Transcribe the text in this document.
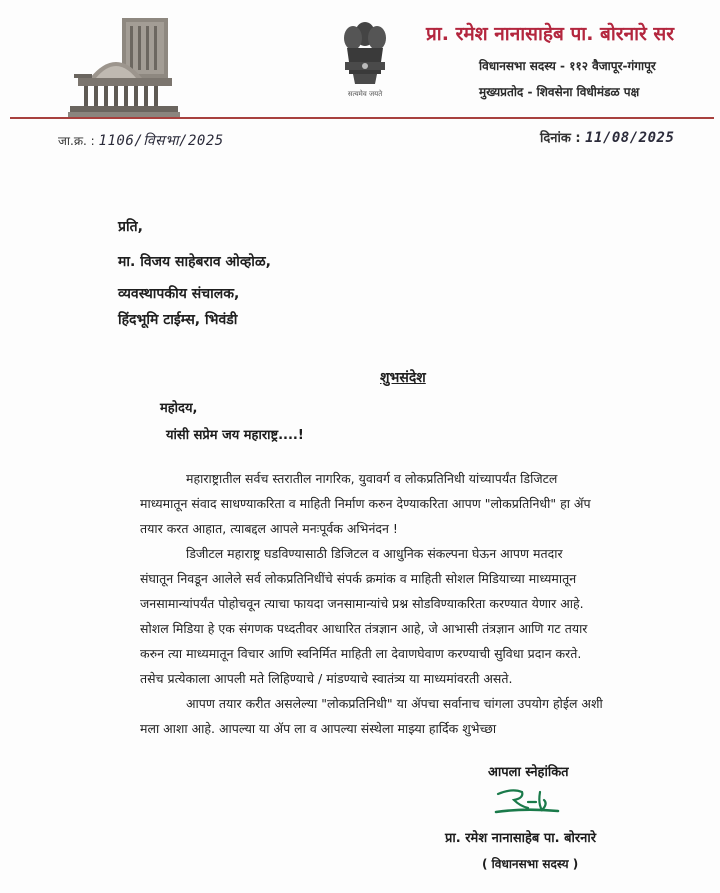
सत्यमेव जयते
प्रा. रमेश नानासाहेब पा. बोरनारे सर
विधानसभा सदस्य - ११२ वैजापूर-गंगापूर
मुख्यप्रतोद - शिवसेना विधीमंडळ पक्ष
जा.क्र. : 1106/विसभा/2025	दिनांक : 11/08/2025
प्रति,
मा. विजय साहेबराव ओव्होळ,
व्यवस्थापकीय संचालक,
हिंदभूमि टाईम्स, भिवंडी
शुभसंदेश
महोदय,
यांसी सप्रेम जय महाराष्ट्र....!
महाराष्ट्रातील सर्वच स्तरातील नागरिक, युवावर्ग व लोकप्रतिनिधी यांच्यापर्यंत डिजिटल
माध्यमातून संवाद साधण्याकरिता व माहिती निर्माण करुन देण्याकरिता आपण "लोकप्रतिनिधी" हा ॲप
तयार करत आहात, त्याबद्दल आपले मनःपूर्वक अभिनंदन !
डिजीटल महाराष्ट्र घडविण्यासाठी डिजिटल व आधुनिक संकल्पना घेऊन आपण मतदार
संघातून निवडून आलेले सर्व लोकप्रतिनिधींचे संपर्क क्रमांक व माहिती सोशल मिडियाच्या माध्यमातून
जनसामान्यांपर्यंत पोहोचवून त्याचा फायदा जनसामान्यांचे प्रश्न सोडविण्याकरिता करण्यात येणार आहे.
सोशल मिडिया हे एक संगणक पध्दतीवर आधारित तंत्रज्ञान आहे, जे आभासी तंत्रज्ञान आणि गट तयार
करुन त्या माध्यमातून विचार आणि स्वनिर्मित माहिती ला देवाणघेवाण करण्याची सुविधा प्रदान करते.
तसेच प्रत्येकाला आपली मते लिहिण्याचे / मांडण्याचे स्वातंत्र्य या माध्यमांवरती असते.
आपण तयार करीत असलेल्या "लोकप्रतिनिधी" या ॲपचा सर्वानाच चांगला उपयोग होईल अशी
मला आशा आहे. आपल्या या ॲप ला व आपल्या संस्थेला माझ्या हार्दिक शुभेच्छा
आपला स्नेहांकित
प्रा. रमेश नानासाहेब पा. बोरनारे
( विधानसभा सदस्य )
